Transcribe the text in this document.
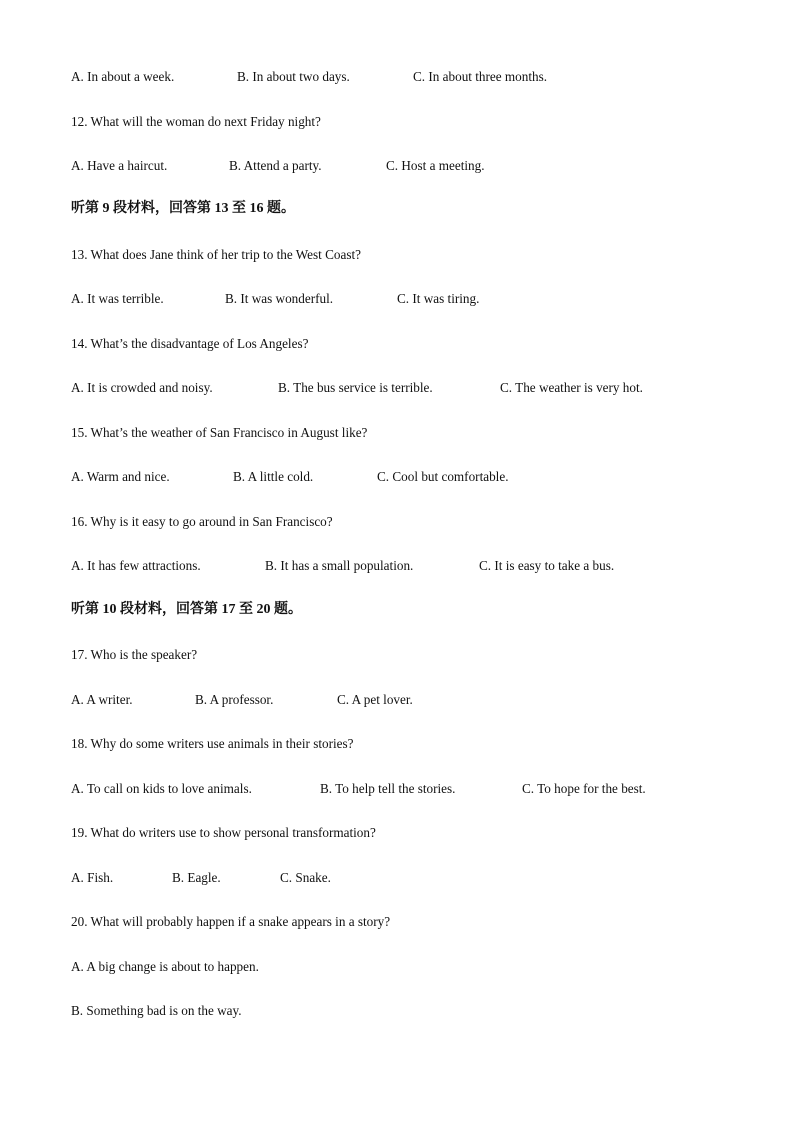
A. In about a week.	B. In about two days.	C. In about three months.
12. What will the woman do next Friday night?
A. Have a haircut.	B. Attend a party.	C. Host a meeting.
听第 9 段材料，回答第 13 至 16 题。
13. What does Jane think of her trip to the West Coast?
A. It was terrible.	B. It was wonderful.	C. It was tiring.
14. What’s the disadvantage of Los Angeles?
A. It is crowded and noisy.	B. The bus service is terrible.	C. The weather is very hot.
15. What’s the weather of San Francisco in August like?
A. Warm and nice.	B. A little cold.	C. Cool but comfortable.
16. Why is it easy to go around in San Francisco?
A. It has few attractions.	B. It has a small population.	C. It is easy to take a bus.
听第 10 段材料，回答第 17 至 20 题。
17. Who is the speaker?
A. A writer.	B. A professor.	C. A pet lover.
18. Why do some writers use animals in their stories?
A. To call on kids to love animals.	B. To help tell the stories.	C. To hope for the best.
19. What do writers use to show personal transformation?
A. Fish.	B. Eagle.	C. Snake.
20. What will probably happen if a snake appears in a story?
A. A big change is about to happen.
B. Something bad is on the way.
